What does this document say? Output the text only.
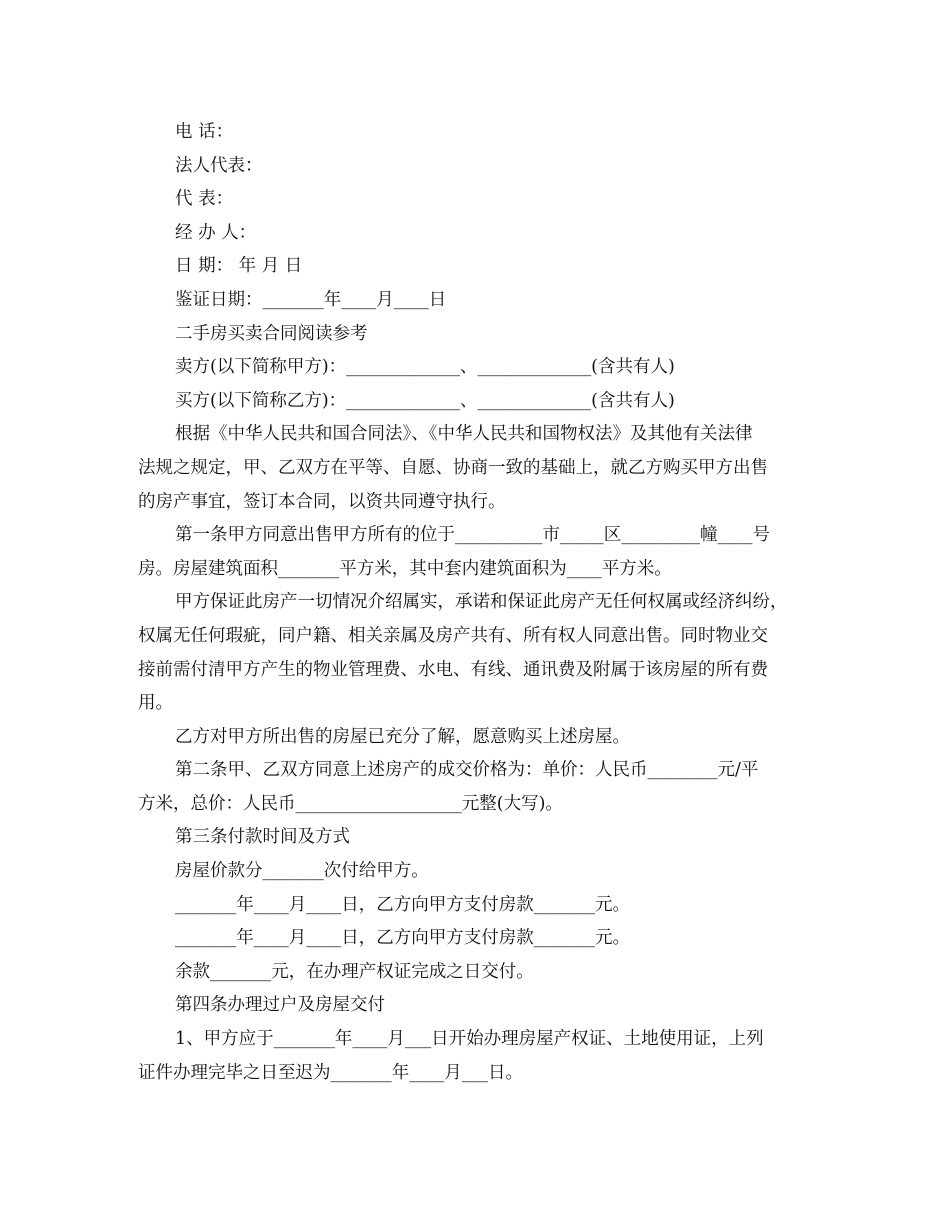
电 话：
法人代表：
代 表：
经 办 人：
日 期： 年 月 日
鉴证日期：_______年____月____日
二手房买卖合同阅读参考
卖方(以下简称甲方)：_____________、_____________(含共有人)
买方(以下简称乙方)：_____________、_____________(含共有人)
根据《中华人民共和国合同法》、《中华人民共和国物权法》及其他有关法律
法规之规定，甲、乙双方在平等、自愿、协商一致的基础上，就乙方购买甲方出售
的房产事宜，签订本合同，以资共同遵守执行。
第一条甲方同意出售甲方所有的位于__________市_____区_________幢____号
房。房屋建筑面积_______平方米，其中套内建筑面积为____平方米。
甲方保证此房产一切情况介绍属实，承诺和保证此房产无任何权属或经济纠纷，
权属无任何瑕疵，同户籍、相关亲属及房产共有、所有权人同意出售。同时物业交
接前需付清甲方产生的物业管理费、水电、有线、通讯费及附属于该房屋的所有费
用。
乙方对甲方所出售的房屋已充分了解，愿意购买上述房屋。
第二条甲、乙双方同意上述房产的成交价格为：单价：人民币________元/平
方米，总价：人民币___________________元整(大写)。
第三条付款时间及方式
房屋价款分_______次付给甲方。
_______年____月____日，乙方向甲方支付房款_______元。
_______年____月____日，乙方向甲方支付房款_______元。
余款_______元，在办理产权证完成之日交付。
第四条办理过户及房屋交付
1、甲方应于_______年____月___日开始办理房屋产权证、土地使用证，上列
证件办理完毕之日至迟为_______年____月___日。
